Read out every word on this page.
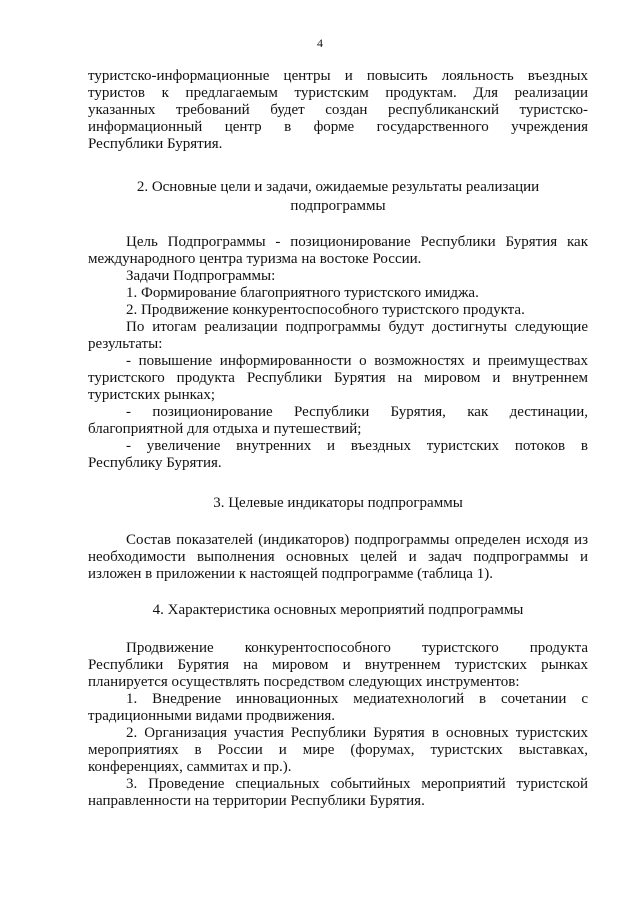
4

туристско-информационные центры и повысить лояльность въездных

туристов к предлагаемым туристским продуктам. Для реализации

указанных требований будет создан республиканский туристско-

информационный центр в форме государственного учреждения

Республики Бурятия.

2. Основные цели и задачи, ожидаемые результаты реализации

подпрограммы

Цель Подпрограммы - позиционирование Республики Бурятия как

международного центра туризма на востоке России.

Задачи Подпрограммы:

1. Формирование благоприятного туристского имиджа.

2. Продвижение конкурентоспособного туристского продукта.

По итогам реализации подпрограммы будут достигнуты следующие

результаты:

- повышение информированности о возможностях и преимуществах

туристского продукта Республики Бурятия на мировом и внутреннем

туристских рынках;

- позиционирование Республики Бурятия, как дестинации,

благоприятной для отдыха и путешествий;

- увеличение внутренних и въездных туристских потоков в

Республику Бурятия.

3. Целевые индикаторы подпрограммы

Состав показателей (индикаторов) подпрограммы определен исходя из

необходимости выполнения основных целей и задач подпрограммы и

изложен в приложении к настоящей подпрограмме (таблица 1).

4. Характеристика основных мероприятий подпрограммы

Продвижение конкурентоспособного туристского продукта

Республики Бурятия на мировом и внутреннем туристских рынках

планируется осуществлять посредством следующих инструментов:

1. Внедрение инновационных медиатехнологий в сочетании с

традиционными видами продвижения.

2. Организация участия Республики Бурятия в основных туристских

мероприятиях в России и мире (форумах, туристских выставках,

конференциях, саммитах и пр.).

3. Проведение специальных событийных мероприятий туристской

направленности на территории Республики Бурятия.
